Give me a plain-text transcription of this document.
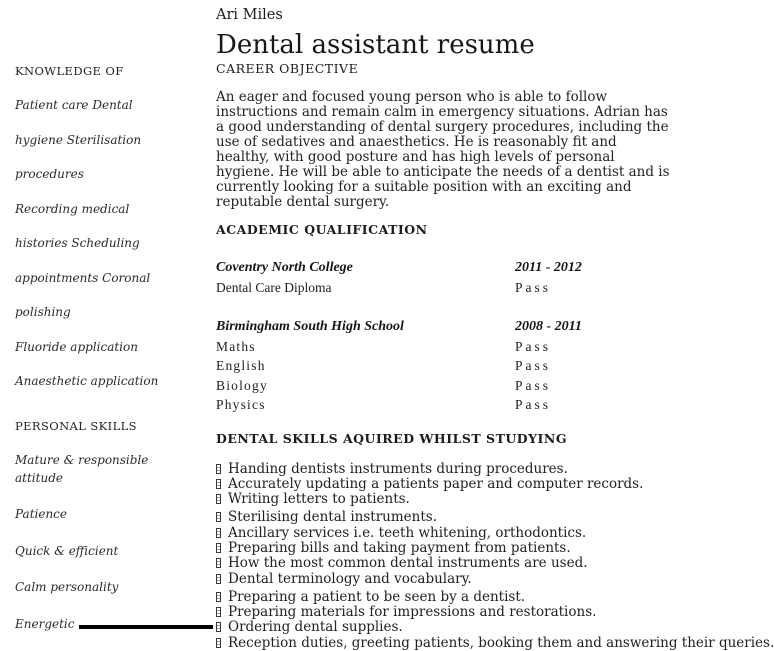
KNOWLEDGE OF
Patient care Dental
hygiene Sterilisation
procedures
Recording medical
histories Scheduling
appointments Coronal
polishing
Fluoride application
Anaesthetic application
PERSONAL SKILLS
Mature & responsible attitude
Patience
Quick & efficient
Calm personality
Energetic
Ari Miles
Dental assistant resume
CAREER OBJECTIVE

An eager and focused young person who is able to follow instructions and remain calm in emergency situations. Adrian has a good understanding of dental surgery procedures, including the use of sedatives and anaesthetics. He is reasonably fit and healthy, with good posture and has high levels of personal hygiene. He will be able to anticipate the needs of a dentist and is currently looking for a suitable position with an exciting and reputable dental surgery.

ACADEMIC QUALIFICATION
Coventry North College	2011 - 2012
Dental Care Diploma	Pass
Birmingham South High School	2008 - 2011
Maths	Pass
English	Pass
Biology	Pass
Physics	Pass
DENTAL SKILLS AQUIRED WHILST STUDYING
Handing dentists instruments during procedures.
Accurately updating a patients paper and computer records.
Writing letters to patients.
Sterilising dental instruments.
Ancillary services i.e. teeth whitening, orthodontics.
Preparing bills and taking payment from patients.
How the most common dental instruments are used.
Dental terminology and vocabulary.
Preparing a patient to be seen by a dentist.
Preparing materials for impressions and restorations.
Ordering dental supplies.
Reception duties, greeting patients, booking them and answering their queries.
